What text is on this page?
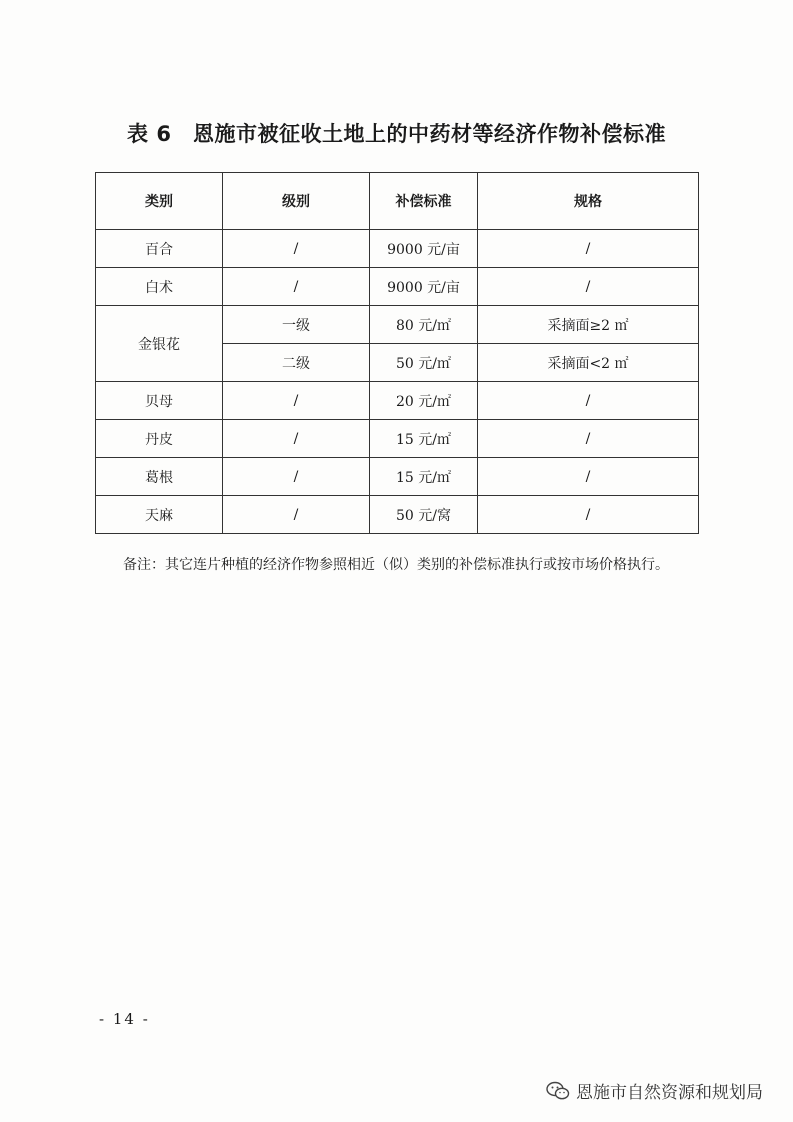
表 6　恩施市被征收土地上的中药材等经济作物补偿标准
类别	级别	补偿标准	规格
百合	/	9000 元/亩	/
白术	/	9000 元/亩	/
金银花	一级	80 元/㎡	采摘面≥2 ㎡
	二级	50 元/㎡	采摘面<2 ㎡
贝母	/	20 元/㎡	/
丹皮	/	15 元/㎡	/
葛根	/	15 元/㎡	/
天麻	/	50 元/窝	/
备注：其它连片种植的经济作物参照相近（似）类别的补偿标准执行或按市场价格执行。
- 14 -
恩施市自然资源和规划局
